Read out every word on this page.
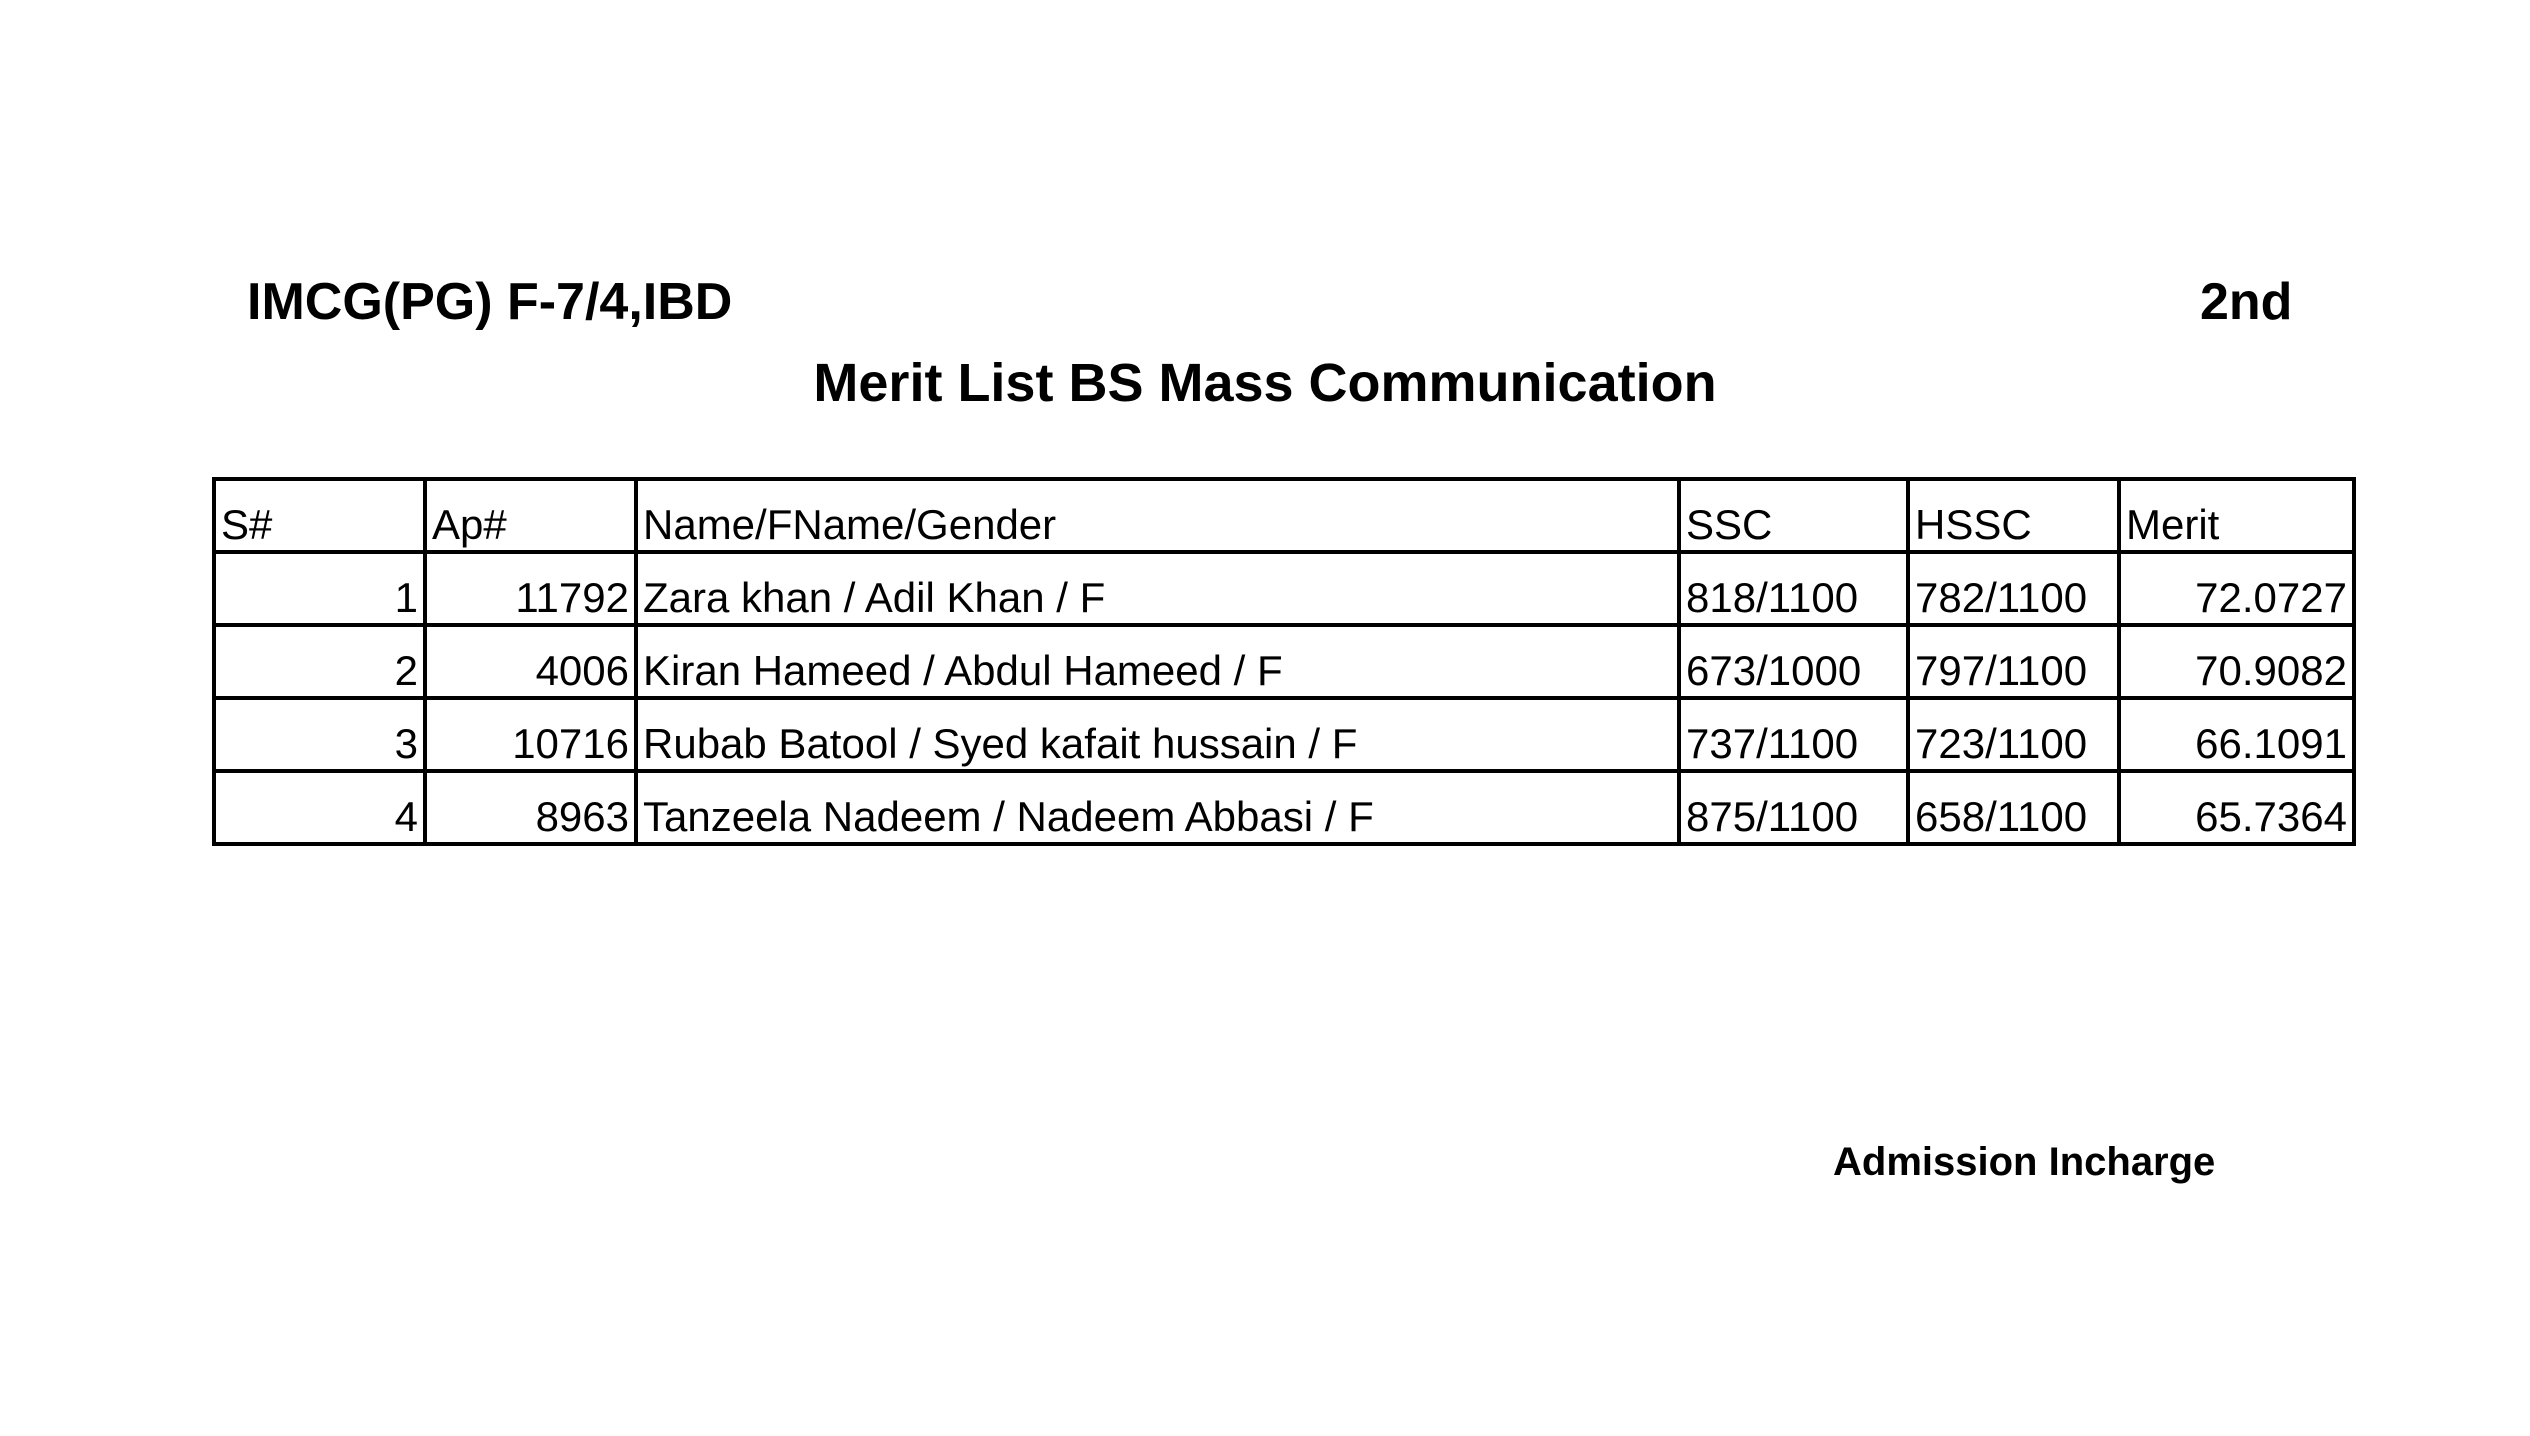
IMCG(PG) F-7/4,IBD	2nd
Merit List BS Mass Communication
S#	Ap#	Name/FName/Gender	SSC	HSSC	Merit
1	11792	Zara khan / Adil Khan / F	818/1100	782/1100	72.0727
2	4006	Kiran Hameed / Abdul Hameed / F	673/1000	797/1100	70.9082
3	10716	Rubab Batool / Syed kafait hussain / F	737/1100	723/1100	66.1091
4	8963	Tanzeela Nadeem / Nadeem Abbasi / F	875/1100	658/1100	65.7364
Admission Incharge
